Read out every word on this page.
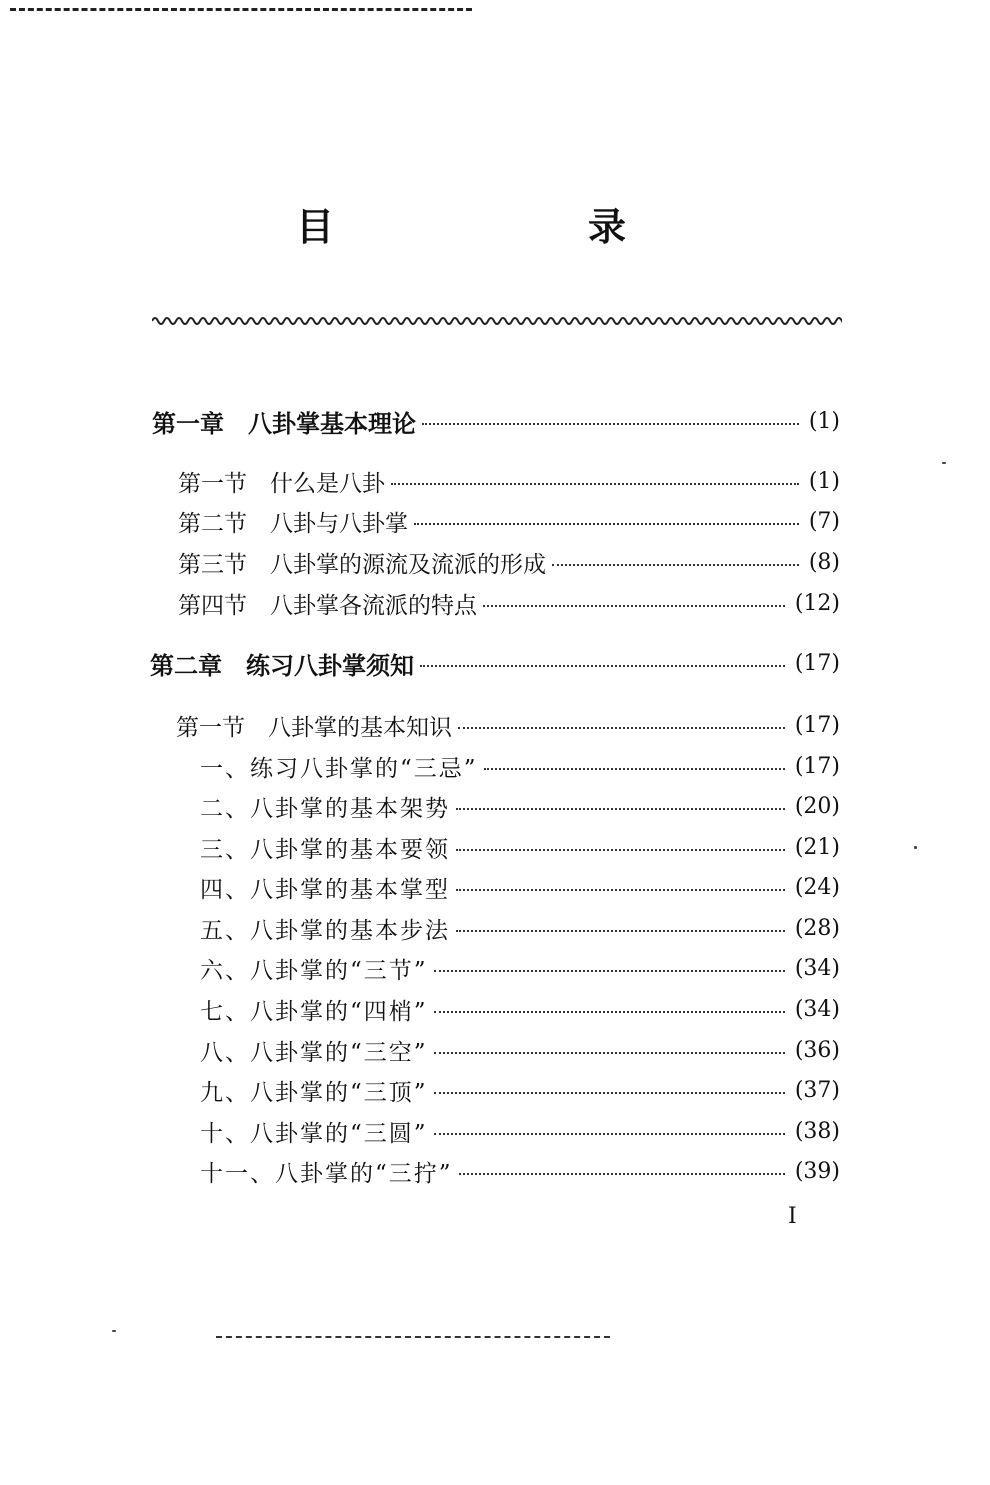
目　录
第一章　八卦掌基本理论	(1)
第一节　什么是八卦	(1)
第二节　八卦与八卦掌	(7)
第三节　八卦掌的源流及流派的形成	(8)
第四节　八卦掌各流派的特点	(12)
第二章　练习八卦掌须知	(17)
第一节　八卦掌的基本知识	(17)
一、练习八卦掌的“三忌”	(17)
二、八卦掌的基本架势	(20)
三、八卦掌的基本要领	(21)
四、八卦掌的基本掌型	(24)
五、八卦掌的基本步法	(28)
六、八卦掌的“三节”	(34)
七、八卦掌的“四梢”	(34)
八、八卦掌的“三空”	(36)
九、八卦掌的“三顶”	(37)
十、八卦掌的“三圆”	(38)
十一、八卦掌的“三拧”	(39)
I
